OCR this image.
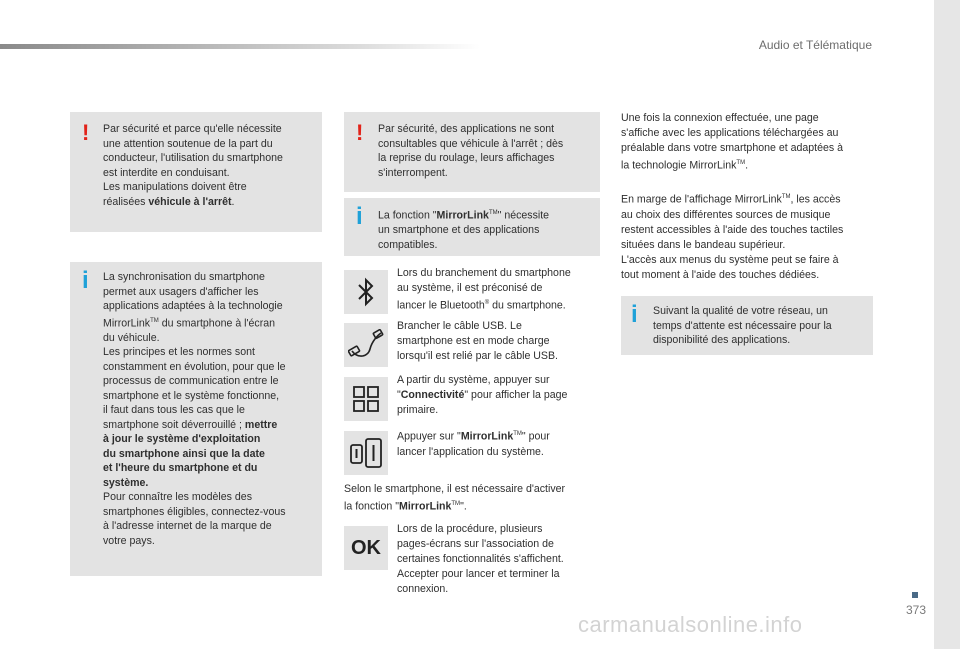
Audio et Télématique
373
! Par sécurité et parce qu'elle nécessite
une attention soutenue de la part du
conducteur, l'utilisation du smartphone
est interdite en conduisant.
Les manipulations doivent être
réalisées véhicule à l'arrêt.
i La synchronisation du smartphone
permet aux usagers d'afficher les
applications adaptées à la technologie
MirrorLink™ du smartphone à l'écran
du véhicule.
Les principes et les normes sont
constamment en évolution, pour que le
processus de communication entre le
smartphone et le système fonctionne,
il faut dans tous les cas que le
smartphone soit déverrouillé ; mettre
à jour le système d'exploitation
du smartphone ainsi que la date
et l'heure du smartphone et du
système.
Pour connaître les modèles des
smartphones éligibles, connectez-vous
à l'adresse internet de la marque de
votre pays.
! Par sécurité, des applications ne sont
consultables que véhicule à l'arrêt ; dès
la reprise du roulage, leurs affichages
s'interrompent.
i La fonction "MirrorLink™" nécessite
un smartphone et des applications
compatibles.
Lors du branchement du smartphone
au système, il est préconisé de
lancer le Bluetooth® du smartphone.
Brancher le câble USB. Le
smartphone est en mode charge
lorsqu'il est relié par le câble USB.
A partir du système, appuyer sur
"Connectivité" pour afficher la page
primaire.
Appuyer sur "MirrorLink™" pour
lancer l'application du système.
Selon le smartphone, il est nécessaire d'activer
la fonction "MirrorLink™".
OK
Lors de la procédure, plusieurs
pages-écrans sur l'association de
certaines fonctionnalités s'affichent.
Accepter pour lancer et terminer la
connexion.
Une fois la connexion effectuée, une page
s'affiche avec les applications téléchargées au
préalable dans votre smartphone et adaptées à
la technologie MirrorLink™.
En marge de l'affichage MirrorLink™, les accès
au choix des différentes sources de musique
restent accessibles à l'aide des touches tactiles
situées dans le bandeau supérieur.
L'accès aux menus du système peut se faire à
tout moment à l'aide des touches dédiées.
i Suivant la qualité de votre réseau, un
temps d'attente est nécessaire pour la
disponibilité des applications.
carmanualsonline.info
